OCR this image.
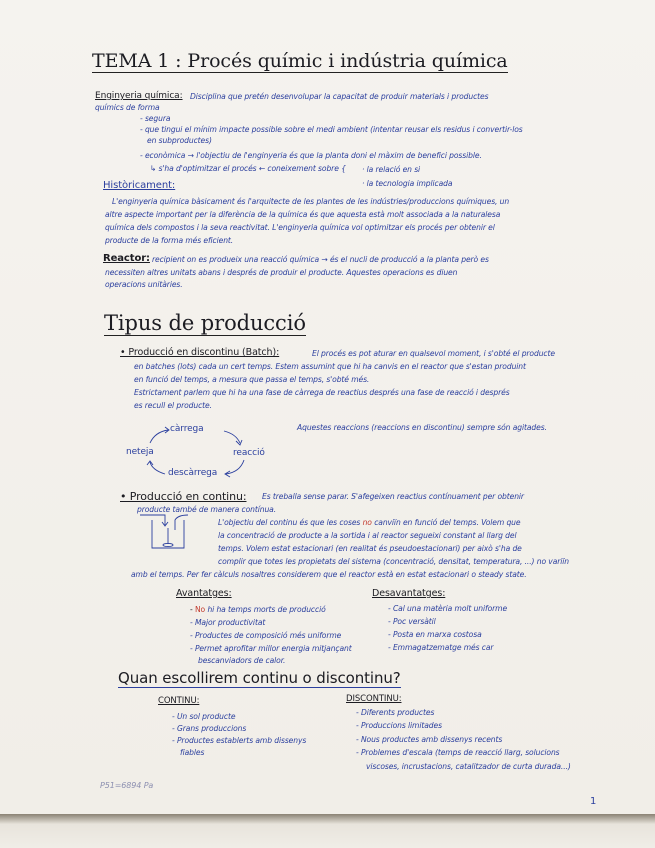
TEMA 1 : Procés químic i indústria química
Enginyeria química: Disciplina que pretén desenvolupar la capacitat de produir materials i productes
químics de forma
- segura
- que tingui el mínim impacte possible sobre el medi ambient (intentar reusar els residus i convertir-los
en subproductes)
- econòmica → l'objectiu de l'enginyeria és que la planta doni el màxim de benefici possible.
↳ s'ha d'optimitzar el procés ← coneixement sobre { · la relació en si
· la tecnologia implicada
Històricament:
L'enginyeria química bàsicament és l'arquitecte de les plantes de les indústries/produccions químiques, un
altre aspecte important per la diferència de la química és que aquesta està molt associada a la naturalesa
química dels compostos i la seva reactivitat. L'enginyeria química vol optimitzar els procés per obtenir el
producte de la forma més eficient.
Reactor: recipient on es produeix una reacció química → és el nucli de producció a la planta però es
necessiten altres unitats abans i després de produir el producte. Aquestes operacions es diuen
operacions unitàries.
Tipus de producció
• Producció en discontinu (Batch):	El procés es pot aturar en qualsevol moment, i s'obté el producte
en batches (lots) cada un cert temps. Estem assumint que hi ha canvis en el reactor que s'estan produint
en funció del temps, a mesura que passa el temps, s'obté més.
Estrictament parlem que hi ha una fase de càrrega de reactius després una fase de reacció i després
es recull el producte.
càrrega
reacció
descàrrega
neteja
Aquestes reaccions (reaccions en discontinu) sempre són agitades.
• Producció en continu: Es treballa sense parar. S'afegeixen reactius contínuament per obtenir
producte també de manera contínua.
L'objectiu del continu és que les coses no canviïn en funció del temps. Volem que
la concentració de producte a la sortida i al reactor segueixi constant al llarg del
temps. Volem estat estacionari (en realitat és pseudoestacionari) per això s'ha de
complir que totes les propietats del sistema (concentració, densitat, temperatura, ...) no variïn
amb el temps. Per fer càlculs nosaltres considerem que el reactor està en estat estacionari o steady state.
Avantatges:
- No hi ha temps morts de producció
- Major productivitat
- Productes de composició més uniforme
- Permet aprofitar millor energia mitjançant
bescanviadors de calor.
Desavantatges:
- Cal una matèria molt uniforme
- Poc versàtil
- Posta en marxa costosa
- Emmagatzematge més car
Quan escollirem continu o discontinu?
CONTINU:
- Un sol producte
- Grans produccions
- Productes establerts amb dissenys
fiables
DISCONTINU:
- Diferents productes
- Produccions limitades
- Nous productes amb dissenys recents
- Problemes d'escala (temps de reacció llarg, solucions
viscoses, incrustacions, catalitzador de curta durada...)
P51=6894 Pa
1
